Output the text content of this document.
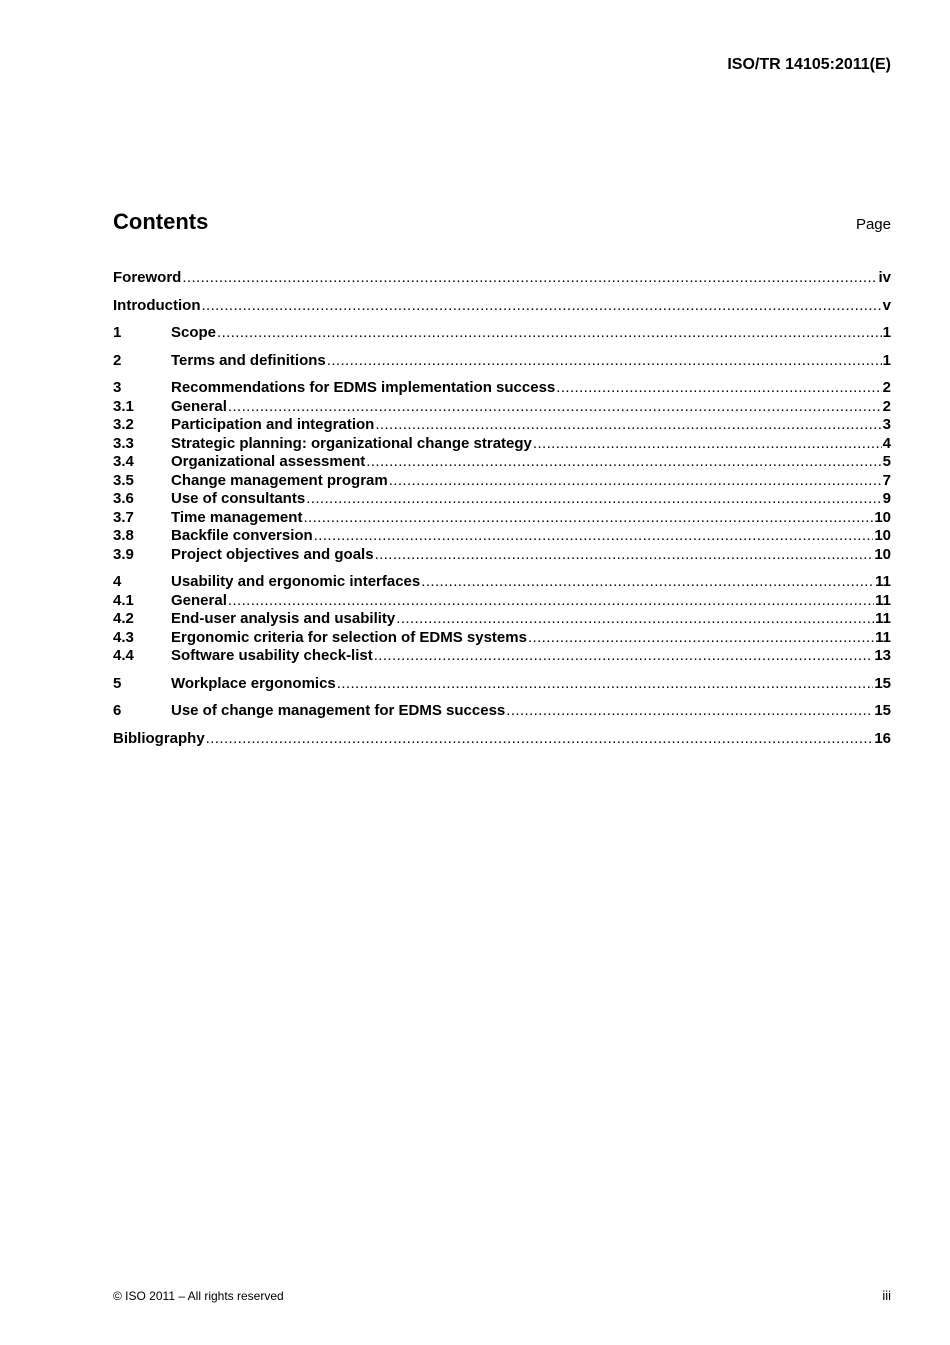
ISO/TR 14105:2011(E)
Contents	Page
Foreword .....	iv
Introduction .....	v
1	Scope .....	1
2	Terms and definitions .....	1
3	Recommendations for EDMS implementation success .....	2
3.1	General .....	2
3.2	Participation and integration .....	3
3.3	Strategic planning: organizational change strategy .....	4
3.4	Organizational assessment .....	5
3.5	Change management program .....	7
3.6	Use of consultants .....	9
3.7	Time management .....	10
3.8	Backfile conversion .....	10
3.9	Project objectives and goals .....	10
4	Usability and ergonomic interfaces .....	11
4.1	General .....	11
4.2	End-user analysis and usability .....	11
4.3	Ergonomic criteria for selection of EDMS systems .....	11
4.4	Software usability check-list .....	13
5	Workplace ergonomics .....	15
6	Use of change management for EDMS success .....	15
Bibliography .....	16
© ISO 2011 – All rights reserved	iii
